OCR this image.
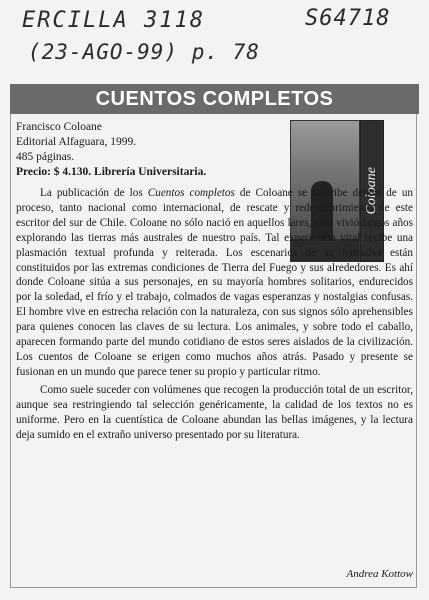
ERCILLA 3118	S64718
(23-AGO-99) p. 78
CUENTOS COMPLETOS
Francisco Coloane
Editorial Alfaguara, 1999.
485 páginas.
Precio: $ 4.130. Librería Universitaria.	Coloane

La publicación de los Cuentos completos de Coloane se inscribe dentro de un proceso, tanto nacional como internacional, de rescate y redescubrimiento de este escritor del sur de Chile. Coloane no sólo nació en aquellos lares, sino vivió largos años explorando las tierras más australes de nuestro país. Tal experiencia vital recibe una plasmación textual profunda y reiterada. Los escenarios de su narrativa están constituidos por las extremas condiciones de Tierra del Fuego y sus alrededores. Es ahí donde Coloane sitúa a sus personajes, en su mayoría hombres solitarios, endurecidos por la soledad, el frío y el trabajo, colmados de vagas esperanzas y nostalgias confusas. El hombre vive en estrecha relación con la naturaleza, con sus signos sólo aprehensibles para quienes conocen las claves de su lectura. Los animales, y sobre todo el caballo, aparecen formando parte del mundo cotidiano de estos seres aislados de la civilización. Los cuentos de Coloane se erigen como muchos años atrás. Pasado y presente se fusionan en un mundo que parece tener su propio y particular ritmo.

Como suele suceder con volúmenes que recogen la producción total de un escritor, aunque sea restringiendo tal selección genéricamente, la calidad de los textos no es uniforme. Pero en la cuentística de Coloane abundan las bellas imágenes, y la lectura deja sumido en el extraño universo presentado por su literatura.

Andrea Kottow
